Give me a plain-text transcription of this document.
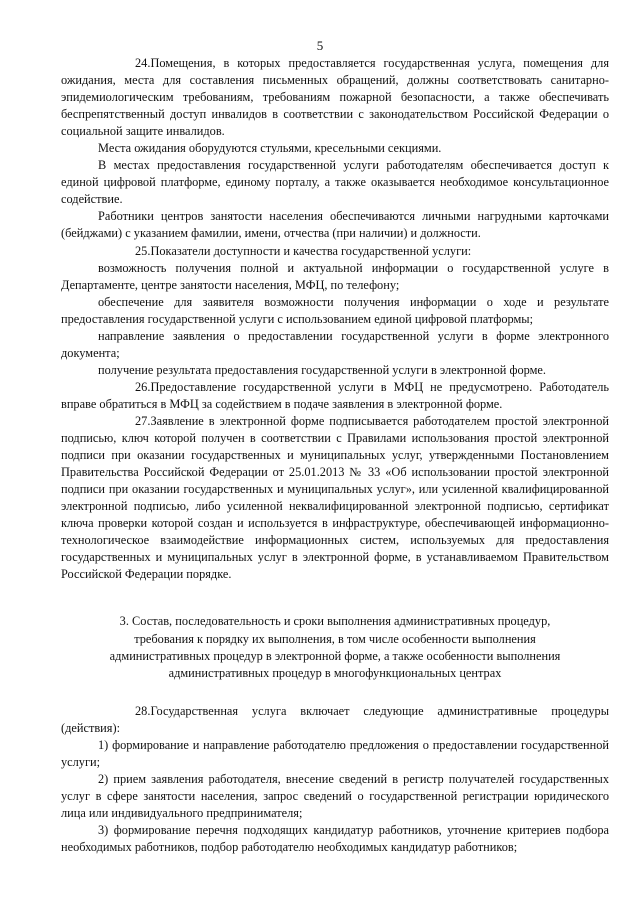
5

24.Помещения, в которых предоставляется государственная услуга, помещения для ожидания, места для составления письменных обращений, должны соответствовать санитарно-эпидемиологическим требованиям, требованиям пожарной безопасности, а также обеспечивать беспрепятственный доступ инвалидов в соответствии с законодательством Российской Федерации о социальной защите инвалидов.

Места ожидания оборудуются стульями, кресельными секциями.

В местах предоставления государственной услуги работодателям обеспечивается доступ к единой цифровой платформе, единому порталу, а также оказывается необходимое консультационное содействие.

Работники центров занятости населения обеспечиваются личными нагрудными карточками (бейджами) с указанием фамилии, имени, отчества (при наличии) и должности.

25.Показатели доступности и качества государственной услуги:

возможность получения полной и актуальной информации о государственной услуге в Департаменте, центре занятости населения, МФЦ, по телефону;

обеспечение для заявителя возможности получения информации о ходе и результате предоставления государственной услуги с использованием единой цифровой платформы;

направление заявления о предоставлении государственной услуги в форме электронного документа;

получение результата предоставления государственной услуги в электронной форме.

26.Предоставление государственной услуги в МФЦ не предусмотрено. Работодатель вправе обратиться в МФЦ за содействием в подаче заявления в электронной форме.

27.Заявление в электронной форме подписывается работодателем простой электронной подписью, ключ которой получен в соответствии с Правилами использования простой электронной подписи при оказании государственных и муниципальных услуг, утвержденными Постановлением Правительства Российской Федерации от 25.01.2013 № 33 «Об использовании простой электронной подписи при оказании государственных и муниципальных услуг», или усиленной квалифицированной электронной подписью, либо усиленной неквалифицированной электронной подписью, сертификат ключа проверки которой создан и используется в инфраструктуре, обеспечивающей информационно-технологическое взаимодействие информационных систем, используемых для предоставления государственных и муниципальных услуг в электронной форме, в устанавливаемом Правительством Российской Федерации порядке.

3. Состав, последовательность и сроки выполнения административных процедур,
требования к порядку их выполнения, в том числе особенности выполнения
административных процедур в электронной форме, а также особенности выполнения
административных процедур в многофункциональных центрах

28.Государственная услуга включает следующие административные процедуры (действия):

1) формирование и направление работодателю предложения о предоставлении государственной услуги;

2) прием заявления работодателя, внесение сведений в регистр получателей государственных услуг в сфере занятости населения, запрос сведений о государственной регистрации юридического лица или индивидуального предпринимателя;

3) формирование перечня подходящих кандидатур работников, уточнение критериев подбора необходимых работников, подбор работодателю необходимых кандидатур работников;
